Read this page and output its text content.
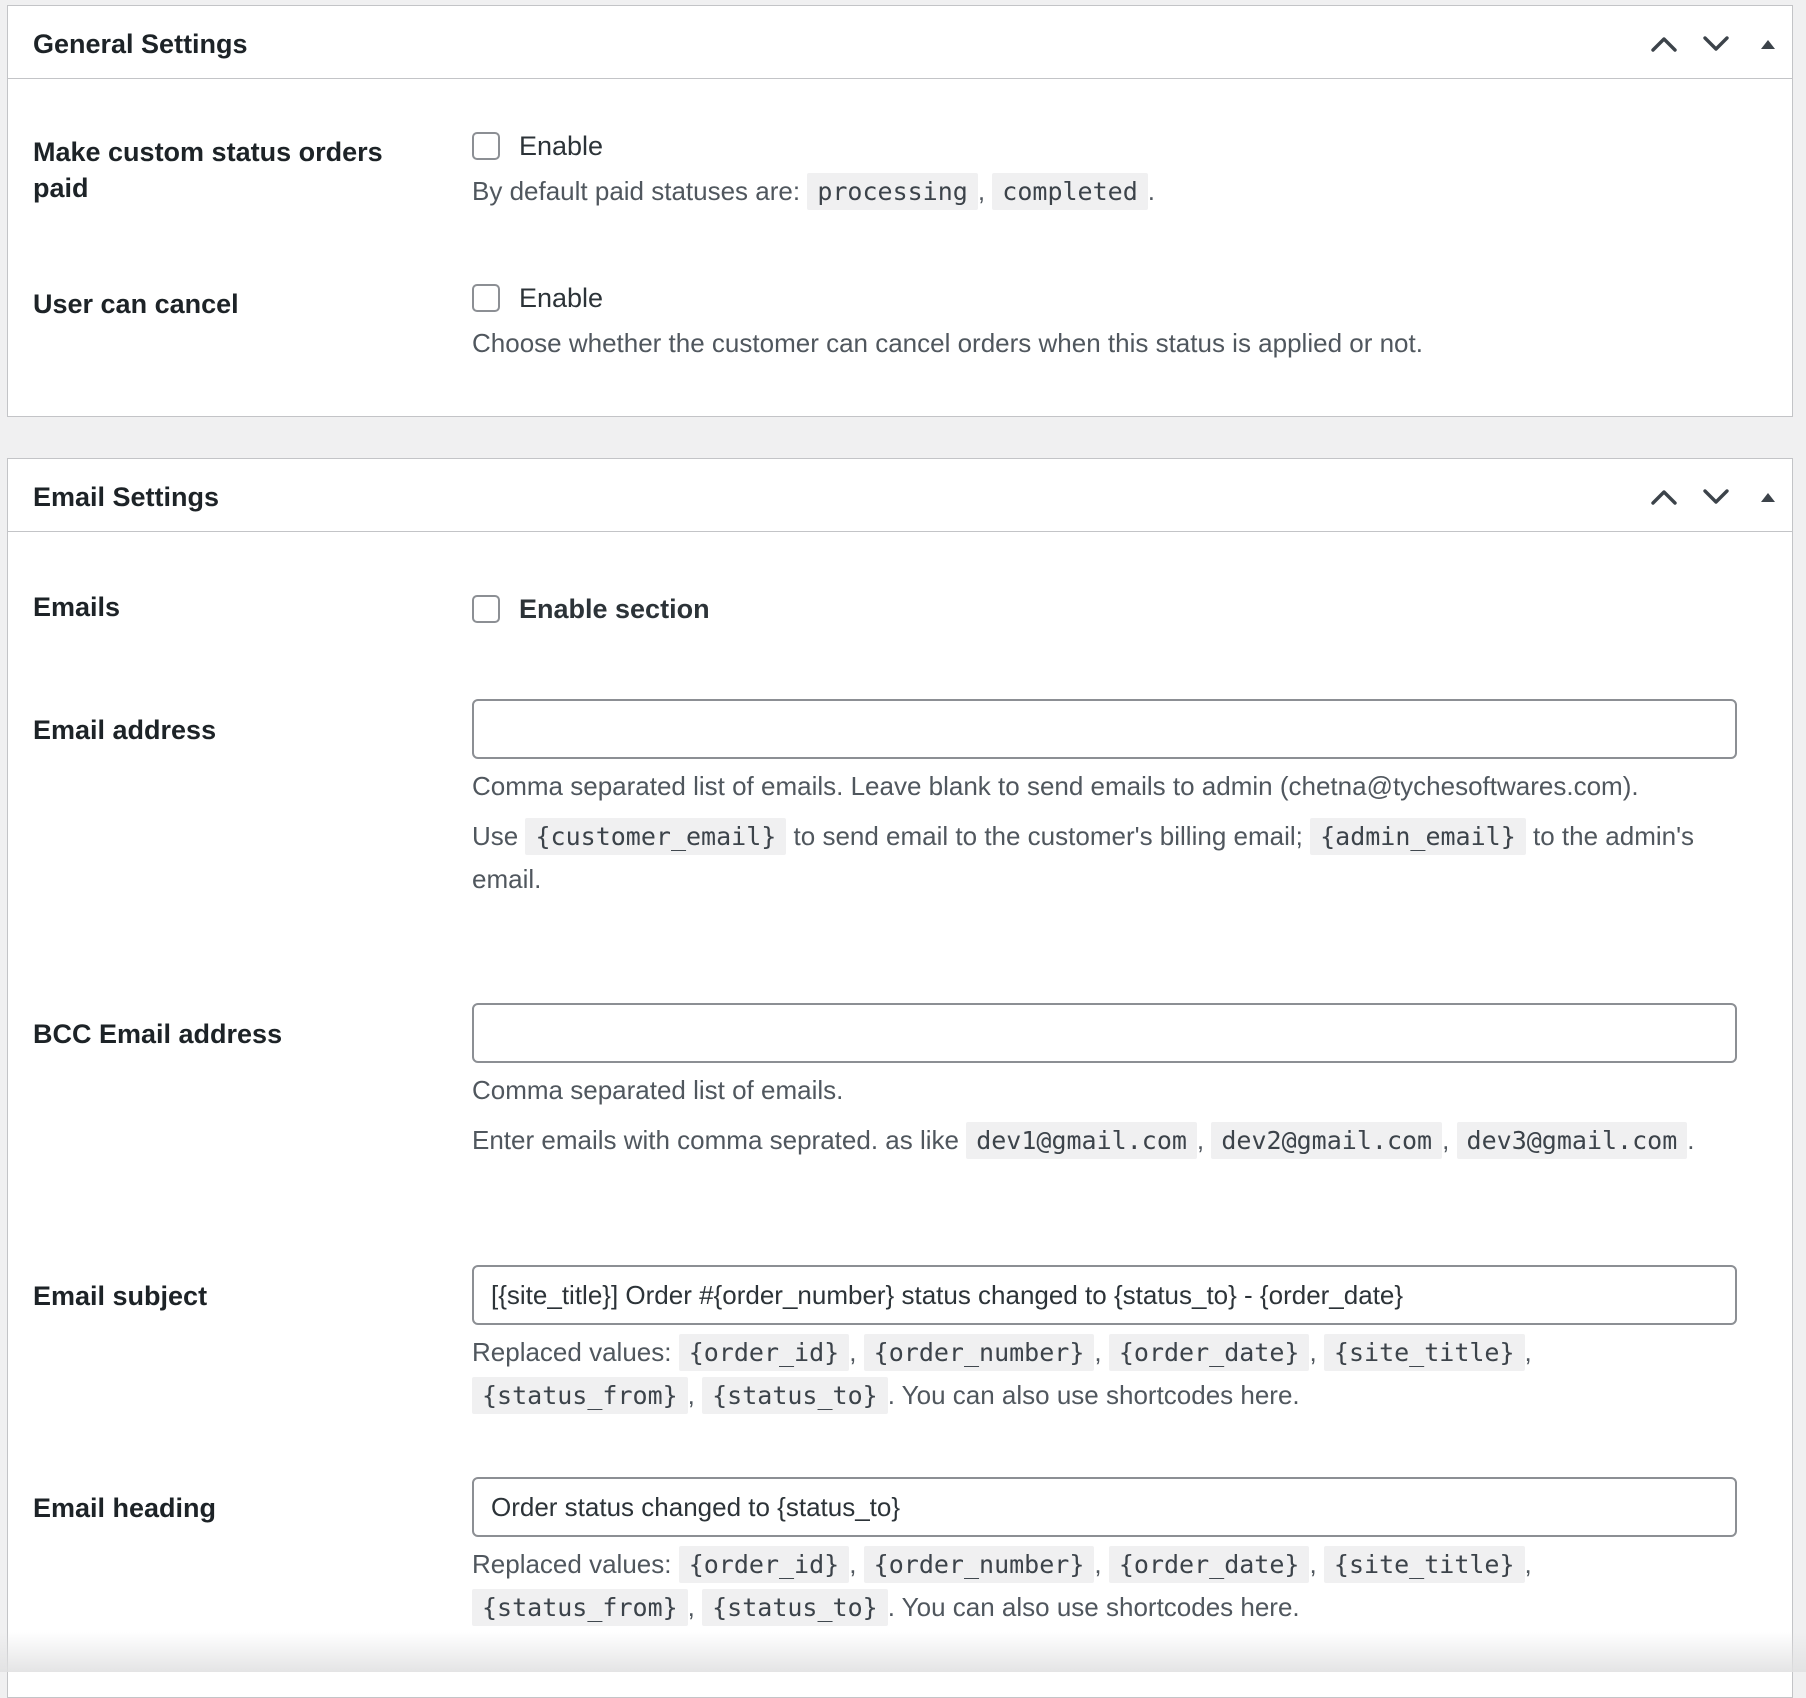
General Settings
Make custom status orders paid
Enable

By default paid statuses are: processing , completed .

User can cancel	Enable
Choose whether the customer can cancel orders when this status is applied or not.
Email Settings
Emails	Enable section
Email address

Comma separated list of emails. Leave blank to send emails to admin (chetna@tychesoftwares.com).

Use {customer_email} to send email to the customer's billing email; {admin_email} to the admin's email.

BCC Email address

Comma separated list of emails.

Enter emails with comma seprated. as like dev1@gmail.com , dev2@gmail.com , dev3@gmail.com .

Email subject
[{site_title}] Order #{order_number} status changed to {status_to} - {order_date}

Replaced values: {order_id} , {order_number} , {order_date} , {site_title} , {status_from} , {status_to} . You can also use shortcodes here.

Email heading
Order status changed to {status_to}

Replaced values: {order_id} , {order_number} , {order_date} , {site_title} , {status_from} , {status_to} . You can also use shortcodes here.
